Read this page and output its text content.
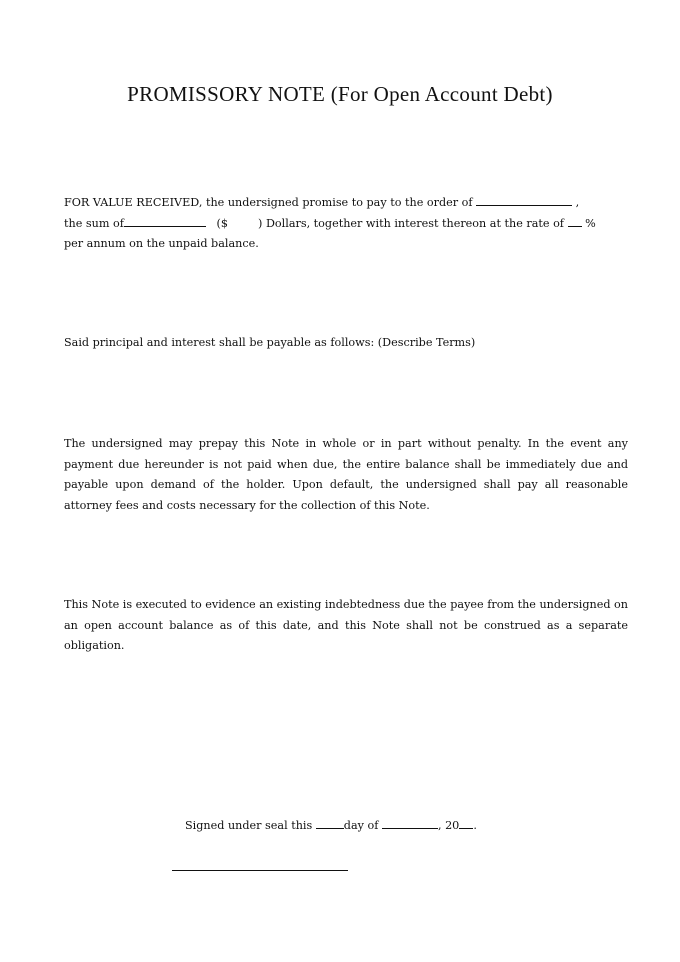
PROMISSORY NOTE (For Open Account Debt)

FOR VALUE RECEIVED, the undersigned promise to pay to the order of	,
the sum of	($	) Dollars, together with interest thereon at the rate of %
per annum on the unpaid balance.

Said principal and interest shall be payable as follows: (Describe Terms)

The undersigned may prepay this Note in whole or in part without penalty. In the event any payment due hereunder is not paid when due, the entire balance shall be immediately due and payable upon demand of the holder. Upon default, the undersigned shall pay all reasonable attorney fees and costs necessary for the collection of this Note.

This Note is executed to evidence an existing indebtedness due the payee from the undersigned on an open account balance as of this date, and this Note shall not be construed as a separate obligation.

Signed under seal this	day of	, 20 .
